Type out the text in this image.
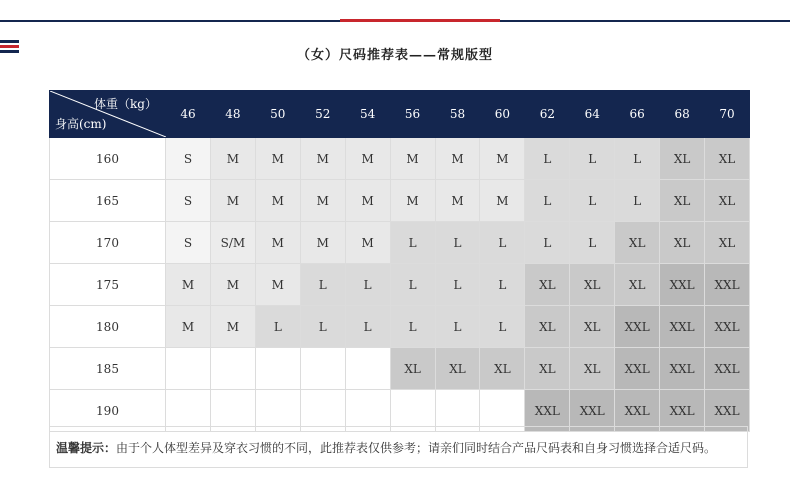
（女）尺码推荐表——常规版型
体重（kg）
身高(cm)	46	48	50	52	54	56	58	60	62	64	66	68	70
160	S	M	M	M	M	M	M	M	L	L	L	XL	XL
165	S	M	M	M	M	M	M	M	L	L	L	XL	XL
170	S	S/M	M	M	M	L	L	L	L	L	XL	XL	XL
175	M	M	M	L	L	L	L	L	XL	XL	XL	XXL	XXL
180	M	M	L	L	L	L	L	L	XL	XL	XXL	XXL	XXL
185						XL	XL	XL	XL	XL	XXL	XXL	XXL
190									XXL	XXL	XXL	XXL	XXL
温馨提示：由于个人体型差异及穿衣习惯的不同，此推荐表仅供参考；请亲们同时结合产品尺码表和自身习惯选择合适尺码。
